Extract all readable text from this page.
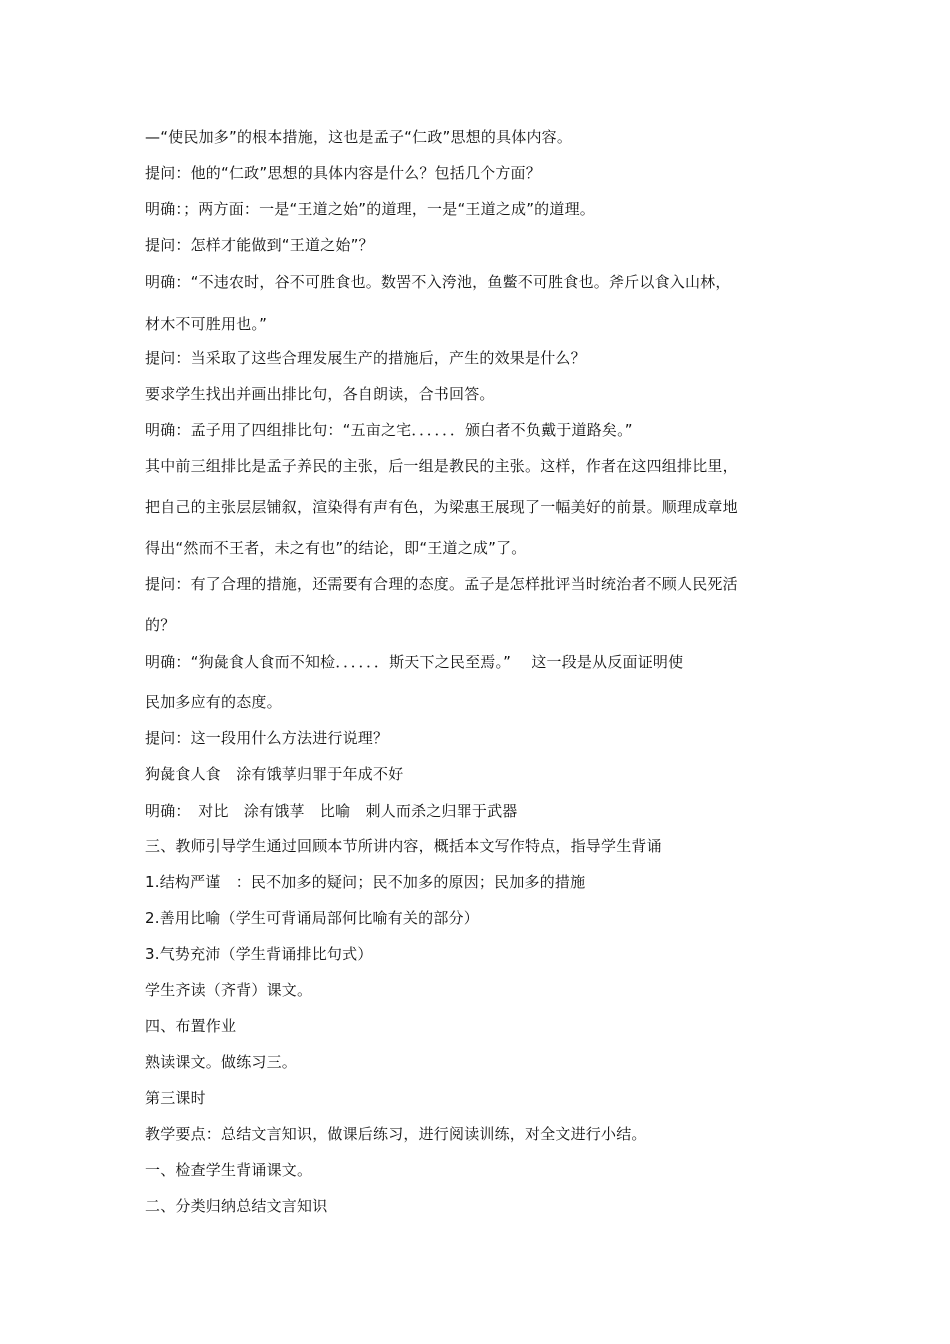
—“使民加多”的根本措施，这也是孟子“仁政”思想的具体内容。
提问：他的“仁政”思想的具体内容是什么？包括几个方面？
明确：；两方面：一是“王道之始”的道理，一是“王道之成”的道理。
提问：怎样才能做到“王道之始”？
明确：“不违农时，谷不可胜食也。数罟不入洿池，鱼鳖不可胜食也。斧斤以食入山林，
材木不可胜用也。”
提问：当采取了这些合理发展生产的措施后，产生的效果是什么？
要求学生找出并画出排比句，各自朗读，合书回答。
明确：孟子用了四组排比句：“五亩之宅．．．．．．颁白者不负戴于道路矣。”
其中前三组排比是孟子养民的主张，后一组是教民的主张。这样，作者在这四组排比里，
把自己的主张层层铺叙，渲染得有声有色，为梁惠王展现了一幅美好的前景。顺理成章地
得出“然而不王者，未之有也”的结论，即“王道之成”了。
提问：有了合理的措施，还需要有合理的态度。孟子是怎样批评当时统治者不顾人民死活
的？
明确：“狗彘食人食而不知检．．．．．．斯天下之民至焉。”　 这一段是从反面证明使
民加多应有的态度。
提问：这一段用什么方法进行说理？
狗彘食人食　涂有饿莩归罪于年成不好
明确：　对比　涂有饿莩　比喻　刺人而杀之归罪于武器
三、教师引导学生通过回顾本节所讲内容，概括本文写作特点，指导学生背诵
1.结构严谨　：民不加多的疑问；民不加多的原因；民加多的措施
2.善用比喻（学生可背诵局部何比喻有关的部分）
3.气势充沛（学生背诵排比句式）
学生齐读（齐背）课文。
四、布置作业
熟读课文。做练习三。
第三课时
教学要点：总结文言知识，做课后练习，进行阅读训练，对全文进行小结。
一、检查学生背诵课文。
二、分类归纳总结文言知识
